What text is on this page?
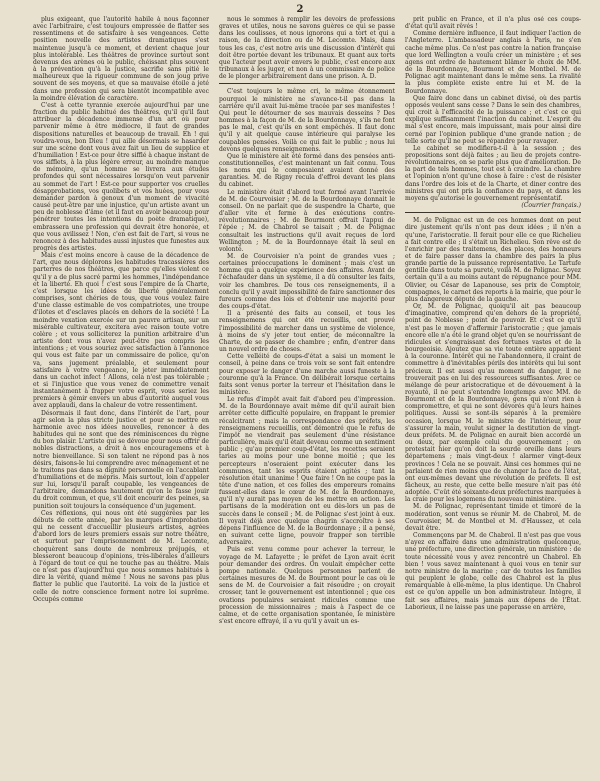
2

plus exigeant, que l'autorité habile à nous façonner avec l'arbitraire, c'est toujours empressée de flatter ses ressentimens et de satisfaire à ses vengeances. Cette position nouvelle des artistes dramatiques s'est maintenue jusqu'à ce moment, et devient chaque jour plus intolérable. Les théâtres de province surtout sont devenus des arènes où le public, chéissant plus souvent à la prévention qu'à la justice, sacrifie sans pitié le malheureux que la rigueur commune de son joug prive souvent de ses moyens, et que sa mauvaise étoile a jeté dans une profession qui sera bientôt incompatible avec la moindre élévation de caractère.

C'est à cette tyrannie exercée aujourd'hui par une fraction du public habitué des théâtres, qu'il qu'il faut attribuer la décadence immense d'un art où pour parvenir même à être médiocre, il faut de grandes dispositions naturelles et beaucoup de travail. Eh ! qui voudra-vous, bon Dieu ! qui aille désormais se hasarder sur une scène dont vous avez fait un lieu de supplice et d'humiliation ! Est-ce pour être sifflé à chaque instant de vos sifflets, à la plus légère erreur, au moindre manque de mémoire, qu'un homme se livrera aux études profondes qui sont nécessaires lorsqu'on veut parvenir au sommet de l'art ! Est-ce pour supporter vos cruelles désapprobations, vos quolibets et vos huées, pour vous demander pardon à genoux d'un moment de vivacité causé peut-être par une injustice, qu'un artiste avant un peu de noblesse d'âme (et il faut en avoir beaucoup pour pénétrer toutes les intentions du poète dramatique), embrassera une profession qui devrait être honorée, et que vous avilissez ! Non, c'en est fait de l'art, si vous ne renoncez à des habitudes aussi injustes que funestes aux progrès des artistes.

Mais c'est moins encore à cause de la décadence de l'art, que nous déplorons les habitudes tracassières des parterres de nos théâtres, que parce qu'elles violent ce qu'il y a de plus sacré parmi les hommes, l'indépendance et la liberté. Eh quoi ! c'est sous l'empire de la Charte, c'est lorsque les idées de liberté généralement comprises, sont chéries de tous, que vous voulez faire d'une classe estimable de vos compatriotes, une troupe d'ilotes et d'esclaves placés en dehors de la société ! La moindre vexation exercée sur un pauvre artisan, sur un misérable cultivateur, excitera avec raison toute votre colère ; et vous solliciterez la punition arbitraire d'un artiste dont vous n'avez peut-être pas compris les intentions ; et vous souriez avec satisfaction à l'annonce qui vous est faite par un commissaire de police, qu'on va, sans jugement préalable, et seulement pour satisfaire à votre vengeance, le jeter immédiatement dans un cachot infect ! Allons, cela n'est pas tolérable ; et si l'injustice que vous venez de commettre venait instantanément à frapper votre esprit, vous seriez les premiers à gémir envers un abus d'autorité auquel vous avez applaudi, dans la chaleur de votre ressentiment.

Désormais il faut donc, dans l'intérêt de l'art, pour agir selon la plus stricte justice et pour se mettre en harmonie avec nos idées nouvelles, renoncer à des habitudes qui ne sont que des réminiscences du règne du bon plaisir. L'artiste qui se dévoue pour nous offrir de nobles distractions, a droit à nos encouragemens et à notre bienveillance. Si son talent ne répond pas à nos désirs, faisons-le lui comprendre avec ménagement et ne le traitons pas dans sa dignité personnelle en l'accablant d'humiliations et de mépris. Mais surtout, loin d'appeler sur lui, lorsqu'il paraît coupable, les vengeances de l'arbitraire, demandons hautement qu'on le fasse jouir du droit commun, et que, s'il doit encourir des peines, sa punition soit toujours la conséquence d'un jugement.

Ces réflexions, qui nous ont été suggérées par les débuts de cette année, par les marques d'improbation qui ne cessent d'accueillir plusieurs artistes, agrées d'abord lors de leurs premiers essais sur notre théâtre, et surtout par l'emprisonnement de M. Lecomte, choquèrent sans doute de nombreux préjugés, et blesseront beaucoup d'opinions, très-libérales d'ailleurs à l'égard de tout ce qui ne touche pas au théâtre. Mais ce n'est pas d'aujourd'hui que nous sommes habitués à dire la vérité, quand même ! Nous ne savons pas plus flatter le public que l'autorité. La voix de la justice et celle de notre conscience forment notre loi suprême. Occupés comme

nous le sommes à remplir les devoirs de professions graves et utiles, nous ne savons guères ce qui se passe dans les coulisses, et nous ignorons qui a tort et qui a raison, de la direction ou de M. Lecomte. Mais, dans tous les cas, c'est notre avis une discussion d'intérêt qui doit être portée devant les tribunaux. Et quant aux torts que l'acteur peut avoir envers le public, c'est encore aux tribunaux à les juger, et non à un commissaire de police de le plonger arbitrairement dans une prison. A. D.

C'est toujours le même cri, le même étonnement pourquoi le ministère ne s'avance-t-il pas dans la carrière qu'il avait lui-même tracée par ses manifestes ! Qui peut le détourner de ses mauvais desseins ? Des hommes à la façon de M. de la Bourdonnaye, s'ils ne font pas le mal, c'est qu'ils en sont empêchés. Il faut donc qu'il y ait quelque cause intérieure qui paralyse les coupables pensées. Voilà ce qui fait le public ; nous lui devons quelques renseignemens.

Que le ministère ait été formé dans des pensées anti-constitutionnelles, c'est maintenant un fait connu. Tous les noms qui le composaient avaient donné des garanties. M. de Rigny recula d'effroi devant les plans du cabinet.

Le ministère était d'abord tout formé avant l'arrivée de M. de Courvoisier ; M. de la Bourdonnaye donnait le conseil. On ne parlait que de suspendre la Charte, que d'aller vite et ferme à des exécutions contre-révolutionnaires ; M. de Bourmont offrait l'appui de l'épée ; M. de Chabrol se taisait ; M. de Polignac consultait les instructions qu'il avait reçues de lord Wellington ; M. de la Bourdonnaye était là seul en volonté.

M. de Courvoisier n'a point de grandes vues ; certaines préoccupations le dominent ; mais c'est un homme qui a quelque expérience des affaires. Avant de l'échafauder dans un système, il a dû consulter les faits, voir les chambres. De tous ces renseignements, il a conclu qu'il y avait impossibilité de faire sanctionner des fureurs comme des lois et d'obtenir une majorité pour des coups-d'état.

Il a présenté des faits au conseil, et tous les renseignemens qui ont été recueillis, ont prouvé l'impossibilité de marcher dans un système de violence, à moins de s'y jeter tout entier, de méconnaître la Charte, de se passer de chambre ; enfin, d'entrer dans un nouvel ordre de choses.

Cette velléité de coups-d'état a saisi un moment le conseil, à peine dans ce trois voix se sont fait entendre pour exposer le danger d'une marche aussi funeste à la couronne qu'à la France. On délibérait lorsque certains faits sont venus porter la terreur et l'hésitation dans le ministère.

Le refus d'impôt avait fait d'abord peu d'impression. M. de la Bourdonnaye avait même dit qu'il aurait bien arrêter cette difficulté populaire, en frappant le premier récalcitrant ; mais la correspondance des préfets, les renseignemens recueillis, ont démontré que le refus de l'impôt ne viendrait pas seulement d'une résistance particulière, mais qu'il était devenu comme un sentiment public ; qu'au premier coup-d'état, les recettes seraient taries au moins pour une bonne moitié ; que les percepteurs n'oseraient point exécuter dans les communes, tant les esprits étaient agités ; tant la résolution était unanime ! Que faire ! On ne coupe pas la tête d'une nation, et ces folles des empereurs romains fussent-elles dans le cœur de M. de la Bourdonnaye, qu'il n'y aurait pas moyen de les mettre en action. Les partisans de la modération ont eu dès-lors un pas de succès dans le conseil ; M. de Polignac s'est joint à eux. Il voyait déjà avec quelque chagrin s'accroître à ses dépens l'influence de M. de la Bourdonnaye ; il a pensé, en suivant cette ligne, pouvoir frapper son terrible adversaire.

Puis est venu comme pour achever la terreur, le voyage de M. Lafayette ; le préfet de Lyon avait écrit pour demander des ordres. On voulait empêcher cette pompe nationale. Quelques personnes parlent de certaines mesures de M. de Bourmont pour le cas où le sens de M. de Courvoisier a fait résoudre ; on croyait crosser, tant le gouvernement est intentionnel ; que ces ovations populaires seraient ridicules comme une procession de missionnaires ; mais à l'aspect de ce calme, et de cette organisation spontanée, le ministère s'est encore effrayé, il a vu qu'il y avait un es-

prit public en France, et il n'a plus osé ces coups-d'état qu'il avait rêvés !

Comme dernière influence, il faut indiquer l'action de l'Angleterre. L'ambassadeur anglais à Paris, ne s'en cache même plus. Ce n'est pas contre la nation française que lord Wellington a voulu créer un ministère ; et ses agens ont ordre de hautement blâmer le choix de MM. de la Bourdonnaye, Bourmont et de Montbel. M. de Polignac agit maintenant dans le même sens. La rivalité la plus complète existe entre lui et M. de la Bourdonnaye.

Que faire donc dans un cabinet divisé, où des partis opposés veulent sans cesse ? Dans le sein des chambres, qui croit à l'efficacité de la puissance ; et c'est ce qui explique suffisamment l'inaction du cabinet. L'esprit du mal s'est encore, mais impuissant, mais pour ainsi dire cerné par l'opinion publique d'une grande nation ; de telle sorte qu'il ne peut se répandre pour ravager.

Le cabinet se modifiera-t-il à la session ; des propositions sont déjà faites ; au lieu de projets contre-révolutionnaires, on se parle plus que d'amélioration. De la part de tels hommes, tout est à craindre. La chambre et l'opinion n'ont qu'une chose à faire : c'est de résister dans l'ordre des lois et de la Charte, et diner contre des ministres qui ont pris la confiance du pays, et dans les moyens qu'autorise le gouvernement représentatif.

(Courrier français.)

M. de Polignac est un de ces hommes dont on peut dire justement qu'ils n'ont pas deux idées ; il n'en a qu'une, l'aristocratie. Il ferait pour elle ce que Richelieu a fait contre elle ; il s'était un Richelieu. Son rêve est de l'enrichir par des traitemens, des places, des honneurs et de faire passer dans la chambre des pairs la plus grande partie de la puissance représentative. Le Tartufe gentille dans toute sa pureté, voilà M. de Polignac. Soyez certain qu'il a au moins autant de répugnance pour MM. Olivier, ou César de Lapanouse, ses prix de Comptoir, compagnes, le carnet des reports à la mairie, que pour le plus dangereux député de la gauche.

Or, M. de Polignac, quoiqu'il ait pas beaucoup d'imaginative, comprend qu'en dehors de la propriété, point de Noblesse ; point de pouvoir. Et c'est ce qu'il n'est pas le moyen d'affermir l'aristocratie ; que jamais encore elle n'a été le grand objet qu'en se nourrissant de ridicules et s'engraissant des fortunes vastes et de la bourgeoisie. Ajoutez que sa vie toute entière appartient à la couronne. Intérêt qui ne l'abandonnera, il craint de commettre à d'inévitables périls des intérêts qui lui sont précieux. Il est aussi qu'au moment du danger, il ne trouverait pas en lui des ressources suffisantes. Avec ce mélange de peur aristocratique et de dévouement à la royauté, il ne peut s'entendre longtemps avec MM. de Bourmont et de la Bourdonnaye, gens qui n'ont rien à compromettre, et qui ne sont dévorés qu'à leurs haines politiques. Aussi se sont-ils séparés à la première occasion, lorsque M. le ministre de l'intérieur, pour s'assurer la main, voulut signer la destitution de vingt-deux préfets. M. de Polignac en aurait bien accordé un ou deux, par exemple celui du gouvernement ; on protestait hier qu'on doit la sourde oreille dans leurs départemens ; mais vingt-deux ! alarmer vingt-deux provinces ! Cela ne se pouvait. Ainsi ces hommes qui ne parlaient de rien moins que de changer la face de l'état, ont eux-mêmes devant une révolution de préfets. Il est fâcheux, au reste, que cette belle mesure n'ait pas été adoptée. C'eût été soixante-deux préfectures marquées à la craie pour les logemens du nouveau ministère.

M. de Polignac, représentant timide et timoré de la modération, sont venus se réunir M. de Chabrol, M. de Courvoisier, M. de Montbel et M. d'Haussez, et cela devait être.

Commençons par M. de Chabrol. Il n'est pas que vous n'ayez en affaire dans une administration quelconque, une préfecture, une direction générale, un ministère : de toute nécessité vous y avez rencontré un Chabrol. Eh bien ! vous savez maintenant à quoi vous en tenir sur notre ministre de la marine ; car de toutes les familles qui peuplent le globe, celle des Chabrol est la plus remarquable à elle-même, la plus identique. Un Chabrol est ce qu'on appelle un bon administrateur. Intègre, il fait ses affaires, mais jamais aux dépens de l'État. Laborieux, il ne laisse pas une paperasse en arrière,
